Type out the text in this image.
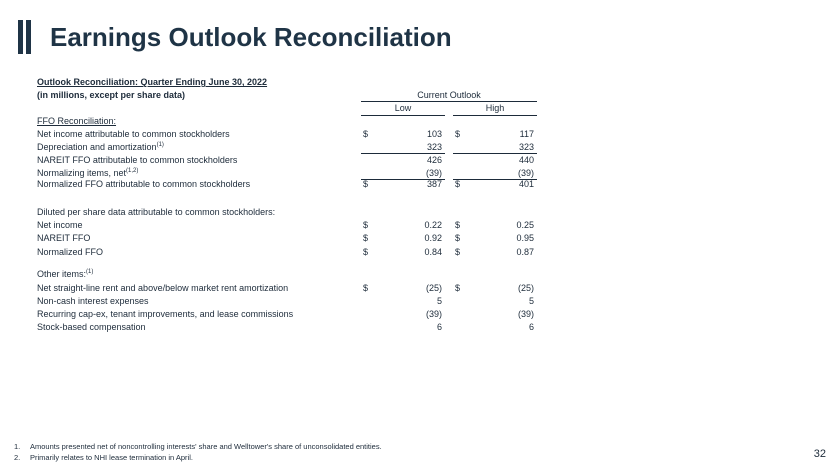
Earnings Outlook Reconciliation
Outlook Reconciliation: Quarter Ending June 30, 2022
(in millions, except per share data)	Current Outlook
Low	High
FFO Reconciliation:
Net income attributable to common stockholders	$	103 $	117
Depreciation and amortization$^{(1)}$	323	323
NAREIT FFO attributable to common stockholders	426	440
Normalizing items, net$^{(1,2)}$	(39)	(39)
Normalized FFO attributable to common stockholders	$	387 $	401
Diluted per share data attributable to common stockholders:
Net income	$	0.22 $	0.25
NAREIT FFO	$	0.92 $	0.95
Normalized FFO	$	0.84 $	0.87
Other items:$^{(1)}$
Net straight-line rent and above/below market rent amortization	$	(25) $	(25)
Non-cash interest expenses	5	5
Recurring cap-ex, tenant improvements, and lease commissions	(39)	(39)
Stock-based compensation	6	6
1. Amounts presented net of noncontrolling interests' share and Welltower's share of unconsolidated entities.
2. Primarily relates to NHI lease termination in April.	32
